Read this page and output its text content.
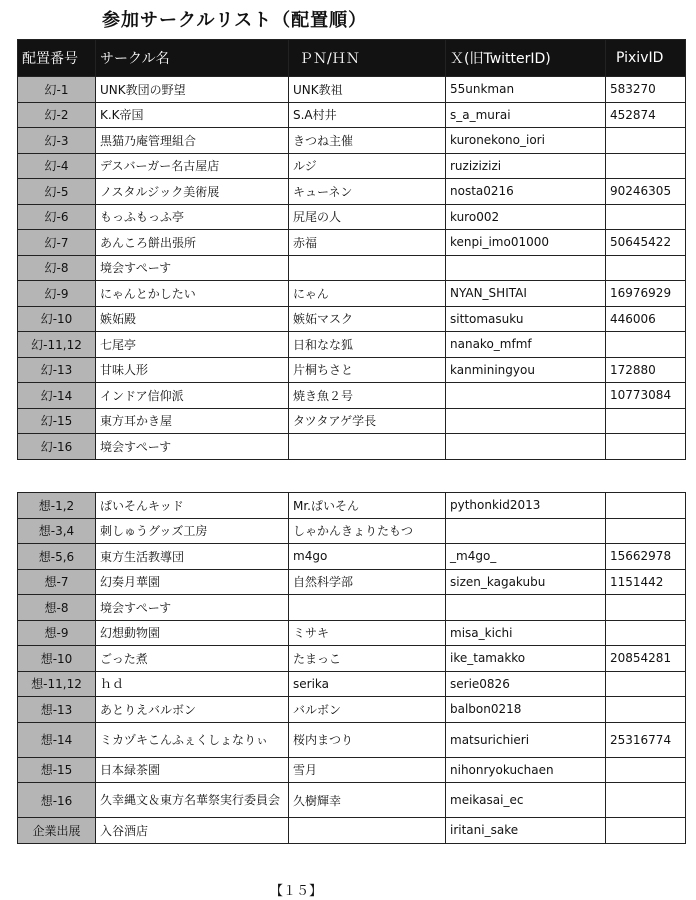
参加サークルリスト（配置順）
配置番号	サークル名	ＰＮ/ＨＮ	Ｘ(旧TwitterID)	PixivID
幻-1	UNK教団の野望	UNK教祖	55unkman	583270
幻-2	K.K帝国	S.A村井	s_a_murai	452874
幻-3	黒猫乃庵管理組合	きつね主催	kuronekono_iori	
幻-4	デスバーガー名古屋店	ルジ	ruzizizizi	
幻-5	ノスタルジック美術展	キューネン	nosta0216	90246305
幻-6	もっふもっふ亭	尻尾の人	kuro002	
幻-7	あんころ餅出張所	赤福	kenpi_imo01000	50645422
幻-8	境会すぺーす			
幻-9	にゃんとかしたい	にゃん	NYAN_SHITAI	16976929
幻-10	嫉妬殿	嫉妬マスク	sittomasuku	446006
幻-11,12	七尾亭	日和なな狐	nanako_mfmf	
幻-13	甘味人形	片桐ちさと	kanminingyou	172880
幻-14	インドア信仰派	焼き魚２号		10773084
幻-15	東方耳かき屋	タツタアゲ学長		
幻-16	境会すぺーす			
想-1,2	ぱいそんキッド	Mr.ぱいそん	pythonkid2013	
想-3,4	刺しゅうグッズ工房	しゃかんきょりたもつ		
想-5,6	東方生活教導団	m4go	_m4go_	15662978
想-7	幻奏月華園	自然科学部	sizen_kagakubu	1151442
想-8	境会すぺーす			
想-9	幻想動物園	ミサキ	misa_kichi	
想-10	ごった煮	たまっこ	ike_tamakko	20854281
想-11,12	ｈｄ	serika	serie0826	
想-13	あとりえバルボン	バルボン	balbon0218	
想-14	ミカヅキこんふぇくしょなりぃ	桜内まつり	matsurichieri	25316774
想-15	日本緑茶園	雪月	nihonryokuchaen	
想-16	久幸縄文＆東方名華祭実行委員会	久樹輝幸	meikasai_ec	
企業出展	入谷酒店		iritani_sake	
【１５】
